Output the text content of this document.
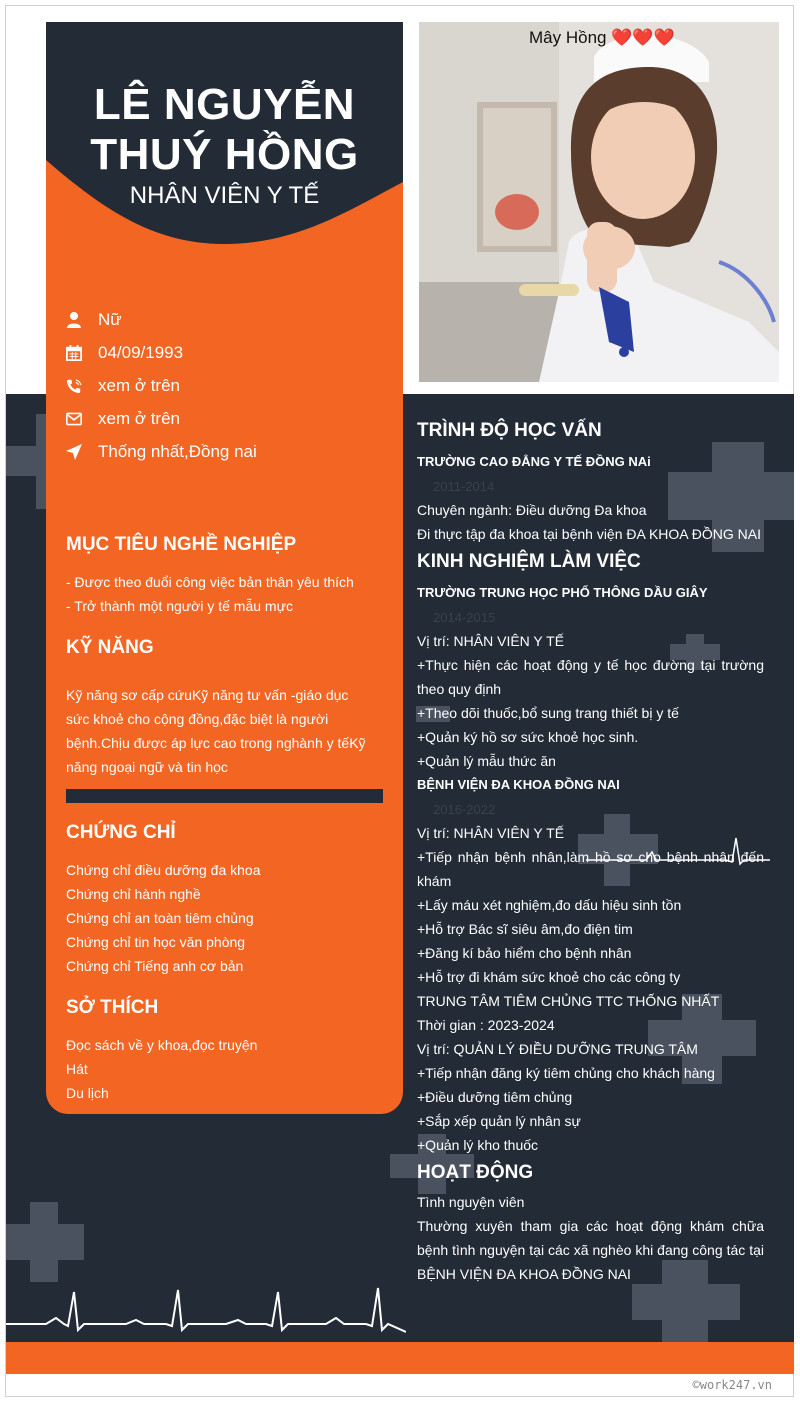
LÊ NGUYỄN
THUÝ HỒNG
NHÂN VIÊN Y TẾ
Nữ
04/09/1993
xem ở trên
xem ở trên
Thống nhất,Đồng nai
MỤC TIÊU NGHỀ NGHIỆP
- Được theo đuổi công việc bản thân yêu thích
- Trở thành một người y tế mẫu mực
KỸ NĂNG
Kỹ năng sơ cấp cứuKỹ năng tư vấn -giáo dục sức khoẻ cho cộng đồng,đặc biệt là người bệnh.Chịu được áp lực cao trong nghành y tếKỹ năng ngoại ngữ và tin học
CHỨNG CHỈ
Chứng chỉ điều dưỡng đa khoa
Chứng chỉ hành nghề
Chứng chỉ an toàn tiêm chủng
Chứng chỉ tin học văn phòng
Chứng chỉ Tiếng anh cơ bản
SỞ THÍCH
Đọc sách về y khoa,đọc truyện
Hát
Du lịch
Mây Hồng ❤️❤️❤️
TRÌNH ĐỘ HỌC VẤN
TRƯỜNG CAO ĐẲNG Y TẾ ĐỒNG NAi
2011-2014
Chuyên ngành: Điều dưỡng Đa khoa
Đi thực tập đa khoa tại bệnh viện ĐA KHOA ĐỒNG NAI
KINH NGHIỆM LÀM VIỆC
TRƯỜNG TRUNG HỌC PHỔ THÔNG DẦU GIÂY
2014-2015
Vị trí: NHÂN VIÊN Y TẾ
+Thực hiện các hoạt động y tế học đường tại trường theo quy định
+Theo dõi thuốc,bổ sung trang thiết bị y tế
+Quản ký hồ sơ sức khoẻ học sinh.
+Quản lý mẫu thức ăn
BỆNH VIỆN ĐA KHOA ĐỒNG NAI
2016-2022
Vị trí: NHÂN VIÊN Y TẾ
+Tiếp nhận bệnh nhân,làm hồ sơ cho bệnh nhân đến khám
+Lấy máu xét nghiệm,đo dấu hiệu sinh tồn
+Hỗ trợ Bác sĩ siêu âm,đo điện tim
+Đăng kí bảo hiểm cho bệnh nhân
+Hỗ trợ đi khám sức khoẻ cho các công ty
TRUNG TÂM TIÊM CHỦNG TTC THỐNG NHẤT
Thời gian : 2023-2024
Vị trí: QUẢN LÝ ĐIỀU DƯỠNG TRUNG TÂM
+Tiếp nhận đăng ký tiêm chủng cho khách hàng
+Điều dưỡng tiêm chủng
+Sắp xếp quản lý nhân sự
+Quản lý kho thuốc
HOẠT ĐỘNG
Tình nguyện viên
Thường xuyên tham gia các hoạt động khám chữa bệnh tình nguyện tại các xã nghèo khi đang công tác tại BỆNH VIỆN ĐA KHOA ĐỒNG NAI
©work247.vn
